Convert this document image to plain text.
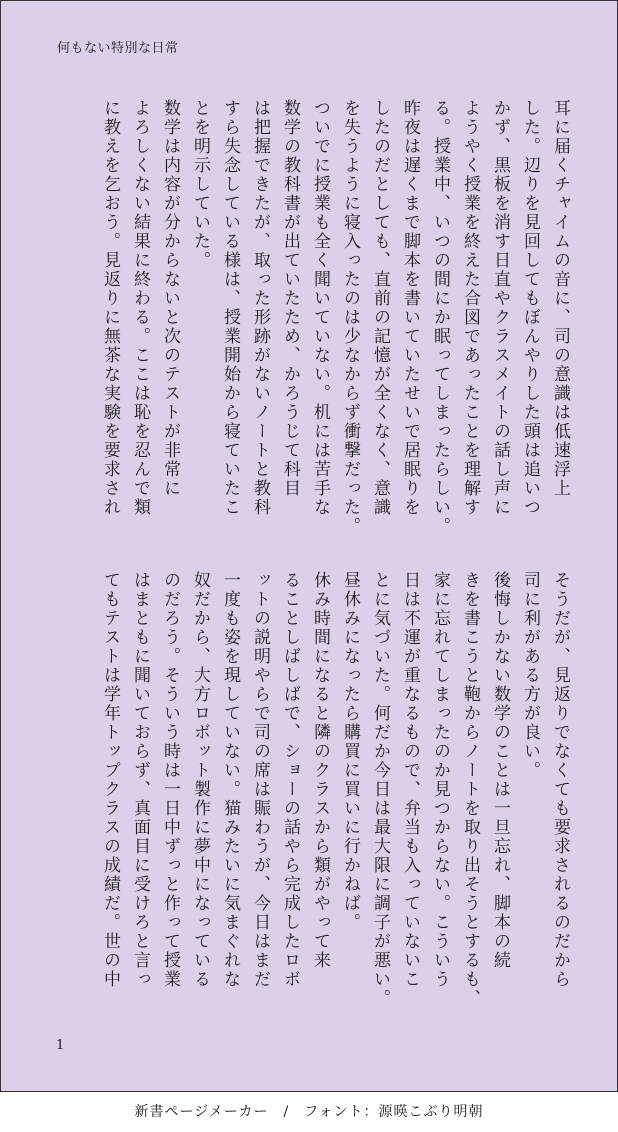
何もない特別な日常
耳に届くチャイムの音に、司の意識は低速浮上
した。辺りを見回してもぼんやりした頭は追いつ
かず、黒板を消す日直やクラスメイトの話し声に
ようやく授業を終えた合図であったことを理解す
る。授業中、いつの間にか眠ってしまったらしい。
昨夜は遅くまで脚本を書いていたせいで居眠りを
したのだとしても、直前の記憶が全くなく、意識
を失うように寝入ったのは少なからず衝撃だった。
ついでに授業も全く聞いていない。机には苦手な
数学の教科書が出ていたため、かろうじて科目
は把握できたが、取った形跡がないノートと教科
すら失念している様は、授業開始から寝ていたこ
とを明示していた。
数学は内容が分からないと次のテストが非常に
よろしくない結果に終わる。ここは恥を忍んで類
に教えを乞おう。見返りに無茶な実験を要求され
そうだが、見返りでなくても要求されるのだから
司に利がある方が良い。
後悔しかない数学のことは一旦忘れ、脚本の続
きを書こうと鞄からノートを取り出そうとするも、
家に忘れてしまったのか見つからない。こういう
日は不運が重なるもので、弁当も入っていないこ
とに気づいた。何だか今日は最大限に調子が悪い。
昼休みになったら購買に買いに行かねば。
休み時間になると隣のクラスから類がやって来
ることしばしばで、ショーの話やら完成したロボ
ットの説明やらで司の席は賑わうが、今日はまだ
一度も姿を現していない。猫みたいに気まぐれな
奴だから、大方ロボット製作に夢中になっている
のだろう。そういう時は一日中ずっと作って授業
はまともに聞いておらず、真面目に受けろと言っ
てもテストは学年トップクラスの成績だ。世の中
1
新書ページメーカー　/　フォント：源暎こぶり明朝
